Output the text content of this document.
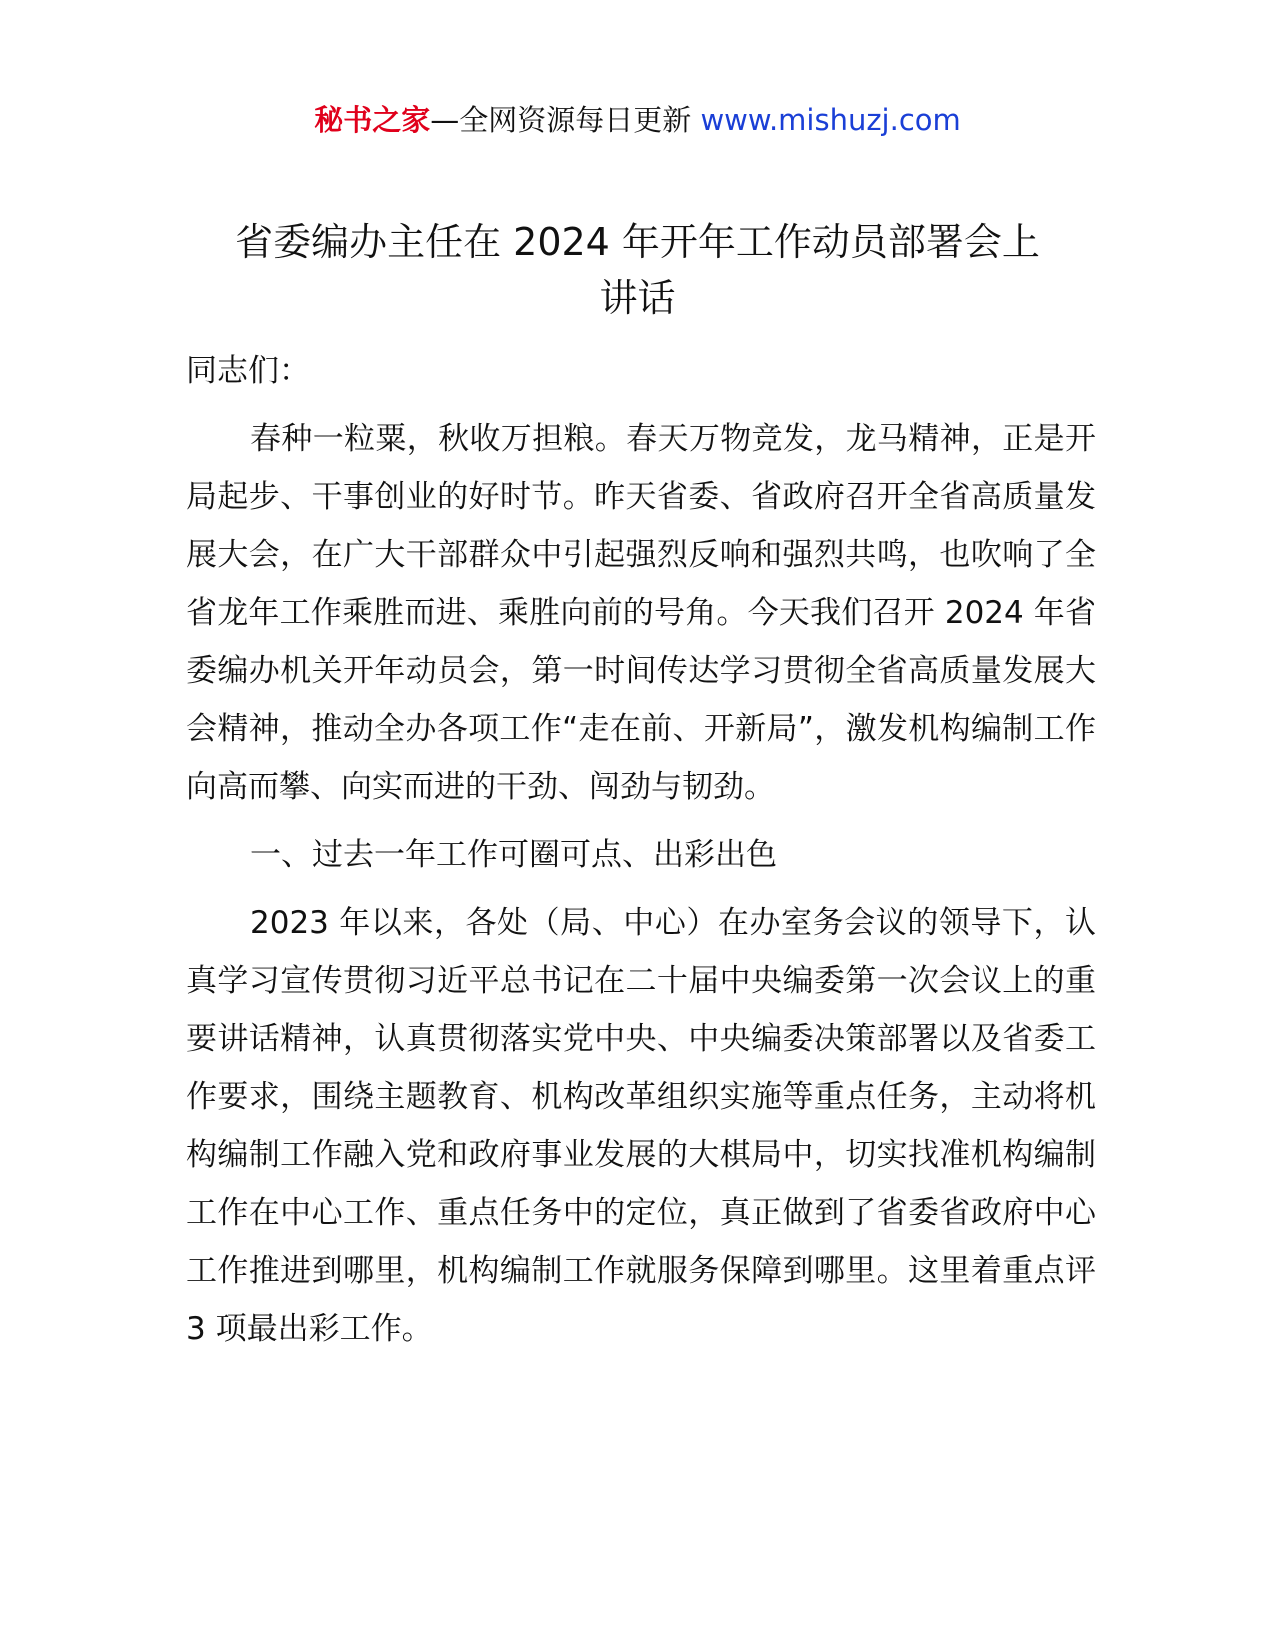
秘书之家—全网资源每日更新 www.mishuzj.com
省委编办主任在 2024 年开年工作动员部署会上
讲话

同志们：

春种一粒粟，秋收万担粮。春天万物竞发，龙马精神，正是开局起步、干事创业的好时节。昨天省委、省政府召开全省高质量发展大会，在广大干部群众中引起强烈反响和强烈共鸣，也吹响了全省龙年工作乘胜而进、乘胜向前的号角。今天我们召开 2024 年省委编办机关开年动员会，第一时间传达学习贯彻全省高质量发展大会精神，推动全办各项工作“走在前、开新局”，激发机构编制工作向高而攀、向实而进的干劲、闯劲与韧劲。

一、过去一年工作可圈可点、出彩出色

2023 年以来，各处（局、中心）在办室务会议的领导下，认真学习宣传贯彻习近平总书记在二十届中央编委第一次会议上的重要讲话精神，认真贯彻落实党中央、中央编委决策部署以及省委工作要求，围绕主题教育、机构改革组织实施等重点任务，主动将机构编制工作融入党和政府事业发展的大棋局中，切实找准机构编制工作在中心工作、重点任务中的定位，真正做到了省委省政府中心工作推进到哪里，机构编制工作就服务保障到哪里。这里着重点评 3 项最出彩工作。
